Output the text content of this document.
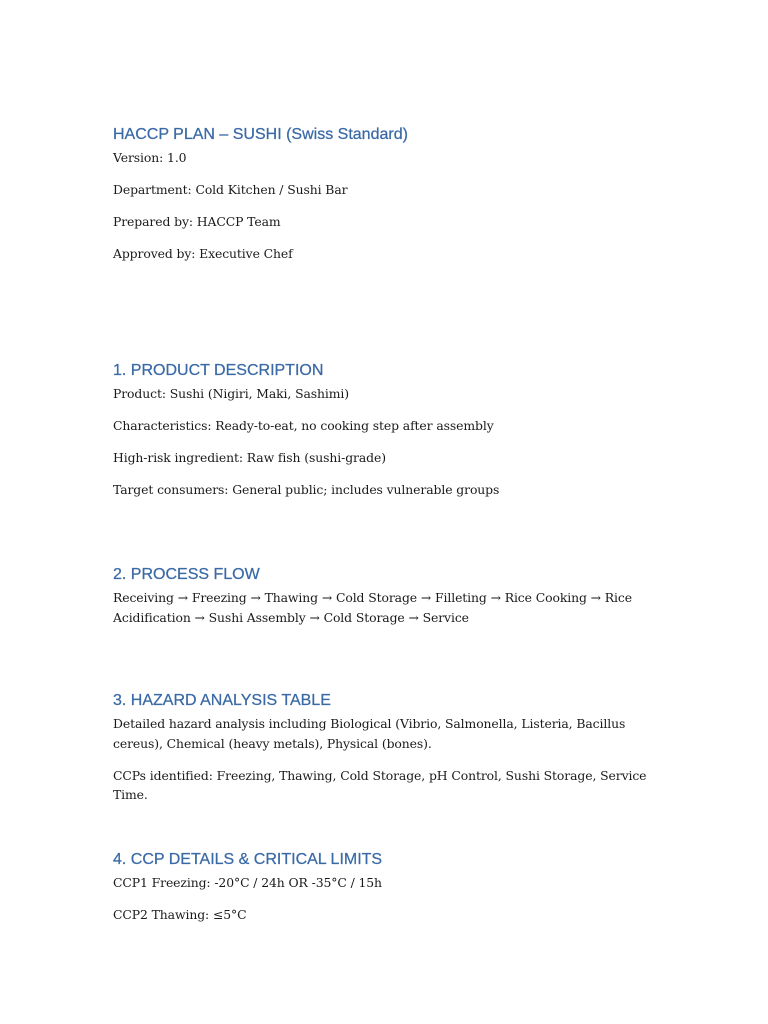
HACCP PLAN – SUSHI (Swiss Standard)

Version: 1.0

Department: Cold Kitchen / Sushi Bar

Prepared by: HACCP Team

Approved by: Executive Chef

1. PRODUCT DESCRIPTION

Product: Sushi (Nigiri, Maki, Sashimi)

Characteristics: Ready-to-eat, no cooking step after assembly

High-risk ingredient: Raw fish (sushi-grade)

Target consumers: General public; includes vulnerable groups

2. PROCESS FLOW

Receiving → Freezing → Thawing → Cold Storage → Filleting → Rice Cooking → Rice Acidification → Sushi Assembly → Cold Storage → Service

3. HAZARD ANALYSIS TABLE

Detailed hazard analysis including Biological (Vibrio, Salmonella, Listeria, Bacillus cereus), Chemical (heavy metals), Physical (bones).

CCPs identified: Freezing, Thawing, Cold Storage, pH Control, Sushi Storage, Service Time.

4. CCP DETAILS & CRITICAL LIMITS

CCP1 Freezing: -20°C / 24h OR -35°C / 15h

CCP2 Thawing: ≤5°C
